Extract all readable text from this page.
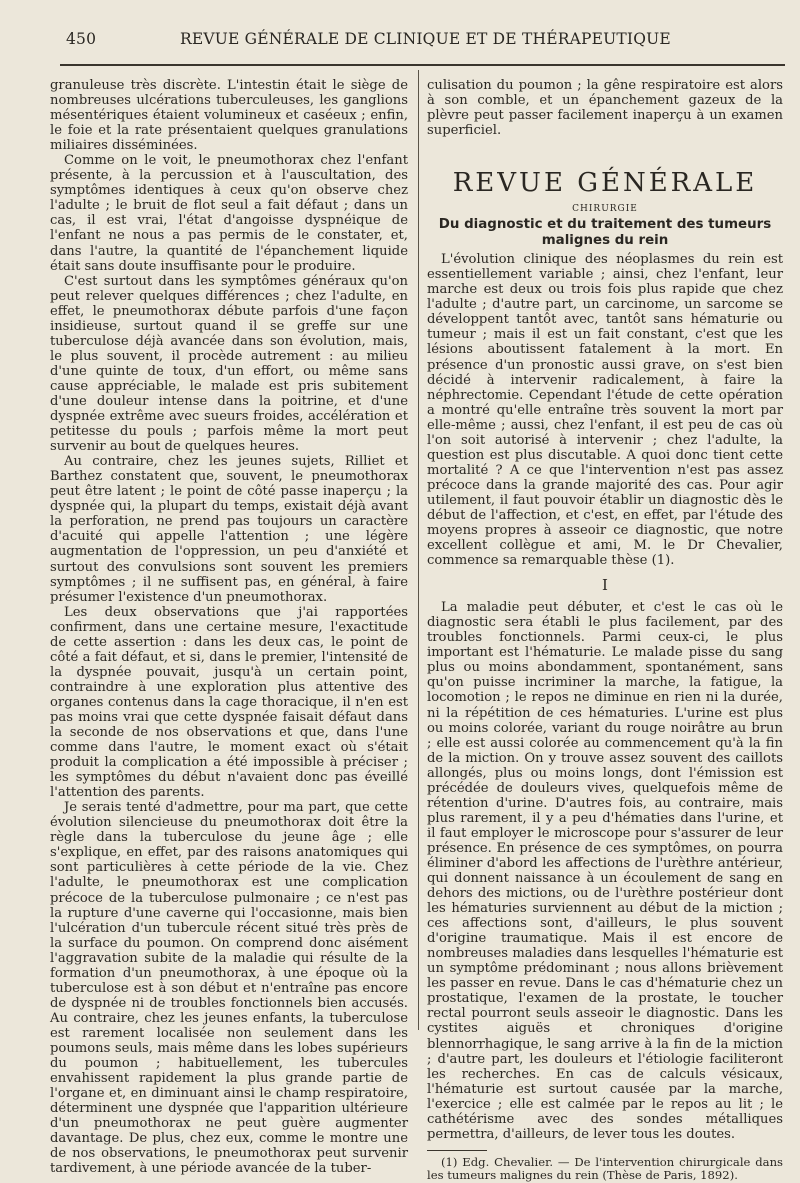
450	REVUE GÉNÉRALE DE CLINIQUE ET DE THÉRAPEUTIQUE

granuleuse très discrète. L'intestin était le siège de nombreuses ulcérations tuberculeuses, les ganglions mésentériques étaient volumineux et caséeux ; enfin, le foie et la rate présentaient quelques granulations miliaires disséminées.

Comme on le voit, le pneumothorax chez l'enfant présente, à la percussion et à l'auscultation, des symptômes identiques à ceux qu'on observe chez l'adulte ; le bruit de flot seul a fait défaut ; dans un cas, il est vrai, l'état d'angoisse dyspnéique de l'enfant ne nous a pas permis de le constater, et, dans l'autre, la quantité de l'épanchement liquide était sans doute insuffisante pour le produire.

C'est surtout dans les symptômes généraux qu'on peut relever quelques différences ; chez l'adulte, en effet, le pneumothorax débute parfois d'une façon insidieuse, surtout quand il se greffe sur une tuberculose déjà avancée dans son évolution, mais, le plus souvent, il procède autrement : au milieu d'une quinte de toux, d'un effort, ou même sans cause appréciable, le malade est pris subitement d'une douleur intense dans la poitrine, et d'une dyspnée extrême avec sueurs froides, accélération et petitesse du pouls ; parfois même la mort peut survenir au bout de quelques heures.

Au contraire, chez les jeunes sujets, Rilliet et Barthez constatent que, souvent, le pneumothorax peut être latent ; le point de côté passe inaperçu ; la dyspnée qui, la plupart du temps, existait déjà avant la perforation, ne prend pas toujours un caractère d'acuité qui appelle l'attention ; une légère augmentation de l'oppression, un peu d'anxiété et surtout des convulsions sont souvent les premiers symptômes ; il ne suffisent pas, en général, à faire présumer l'existence d'un pneumothorax.

Les deux observations que j'ai rapportées confirment, dans une certaine mesure, l'exactitude de cette assertion : dans les deux cas, le point de côté a fait défaut, et si, dans le premier, l'intensité de la dyspnée pouvait, jusqu'à un certain point, contraindre à une exploration plus attentive des organes contenus dans la cage thoracique, il n'en est pas moins vrai que cette dyspnée faisait défaut dans la seconde de nos observations et que, dans l'une comme dans l'autre, le moment exact où s'était produit la complication a été impossible à préciser ; les symptômes du début n'avaient donc pas éveillé l'attention des parents.

Je serais tenté d'admettre, pour ma part, que cette évolution silencieuse du pneumothorax doit être la règle dans la tuberculose du jeune âge ; elle s'explique, en effet, par des raisons anatomiques qui sont particulières à cette période de la vie. Chez l'adulte, le pneumothorax est une complication précoce de la tuberculose pulmonaire ; ce n'est pas la rupture d'une caverne qui l'occasionne, mais bien l'ulcération d'un tubercule récent situé très près de la surface du poumon. On comprend donc aisément l'aggravation subite de la maladie qui résulte de la formation d'un pneumothorax, à une époque où la tuberculose est à son début et n'entraîne pas encore de dyspnée ni de troubles fonctionnels bien accusés. Au contraire, chez les jeunes enfants, la tuberculose est rarement localisée non seulement dans les poumons seuls, mais même dans les lobes supérieurs du poumon ; habituellement, les tubercules envahissent rapidement la plus grande partie de l'organe et, en diminuant ainsi le champ respiratoire, déterminent une dyspnée que l'apparition ultérieure d'un pneumothorax ne peut guère augmenter davantage. De plus, chez eux, comme le montre une de nos observations, le pneumothorax peut survenir tardivement, à une période avancée de la tuber-

culisation du poumon ; la gêne respiratoire est alors à son comble, et un épanchement gazeux de la plèvre peut passer facilement inaperçu à un examen superficiel.

REVUE GÉNÉRALE
CHIRURGIE
Du diagnostic et du traitement des tumeurs malignes du rein

L'évolution clinique des néoplasmes du rein est essentiellement variable ; ainsi, chez l'enfant, leur marche est deux ou trois fois plus rapide que chez l'adulte ; d'autre part, un carcinome, un sarcome se développent tantôt avec, tantôt sans hématurie ou tumeur ; mais il est un fait constant, c'est que les lésions aboutissent fatalement à la mort. En présence d'un pronostic aussi grave, on s'est bien décidé à intervenir radicalement, à faire la néphrectomie. Cependant l'étude de cette opération a montré qu'elle entraîne très souvent la mort par elle-même ; aussi, chez l'enfant, il est peu de cas où l'on soit autorisé à intervenir ; chez l'adulte, la question est plus discutable. A quoi donc tient cette mortalité ? A ce que l'intervention n'est pas assez précoce dans la grande majorité des cas. Pour agir utilement, il faut pouvoir établir un diagnostic dès le début de l'affection, et c'est, en effet, par l'étude des moyens propres à asseoir ce diagnostic, que notre excellent collègue et ami, M. le Dr Chevalier, commence sa remarquable thèse (1).

I

La maladie peut débuter, et c'est le cas où le diagnostic sera établi le plus facilement, par des troubles fonctionnels. Parmi ceux-ci, le plus important est l'hématurie. Le malade pisse du sang plus ou moins abondamment, spontanément, sans qu'on puisse incriminer la marche, la fatigue, la locomotion ; le repos ne diminue en rien ni la durée, ni la répétition de ces hématuries. L'urine est plus ou moins colorée, variant du rouge noirâtre au brun ; elle est aussi colorée au commencement qu'à la fin de la miction. On y trouve assez souvent des caillots allongés, plus ou moins longs, dont l'émission est précédée de douleurs vives, quelquefois même de rétention d'urine. D'autres fois, au contraire, mais plus rarement, il y a peu d'hématies dans l'urine, et il faut employer le microscope pour s'assurer de leur présence. En présence de ces symptômes, on pourra éliminer d'abord les affections de l'urèthre antérieur, qui donnent naissance à un écoulement de sang en dehors des mictions, ou de l'urèthre postérieur dont les hématuries surviennent au début de la miction ; ces affections sont, d'ailleurs, le plus souvent d'origine traumatique. Mais il est encore de nombreuses maladies dans lesquelles l'hématurie est un symptôme prédominant ; nous allons brièvement les passer en revue. Dans le cas d'hématurie chez un prostatique, l'examen de la prostate, le toucher rectal pourront seuls asseoir le diagnostic. Dans les cystites aiguës et chroniques d'origine blennorrhagique, le sang arrive à la fin de la miction ; d'autre part, les douleurs et l'étiologie faciliteront les recherches. En cas de calculs vésicaux, l'hématurie est surtout causée par la marche, l'exercice ; elle est calmée par le repos au lit ; le cathétérisme avec des sondes métalliques permettra, d'ailleurs, de lever tous les doutes.

(1) Edg. Chevalier. — De l'intervention chirurgicale dans les tumeurs malignes du rein (Thèse de Paris, 1892).
